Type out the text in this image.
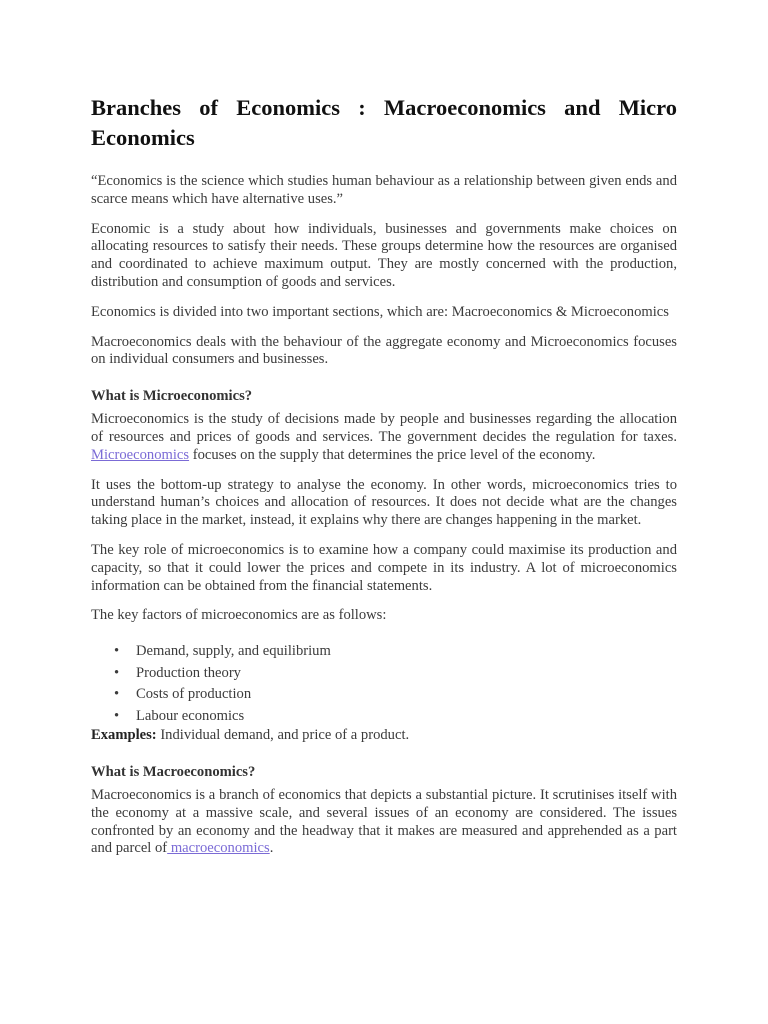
Branches of Economics : Macroeconomics and Micro Economics

“Economics is the science which studies human behaviour as a relationship between given ends and scarce means which have alternative uses.”

Economic is a study about how individuals, businesses and governments make choices on allocating resources to satisfy their needs. These groups determine how the resources are organised and coordinated to achieve maximum output. They are mostly concerned with the production, distribution and consumption of goods and services.

Economics is divided into two important sections, which are: Macroeconomics & Microeconomics

Macroeconomics deals with the behaviour of the aggregate economy and Microeconomics focuses on individual consumers and businesses.

What is Microeconomics?

Microeconomics is the study of decisions made by people and businesses regarding the allocation of resources and prices of goods and services. The government decides the regulation for taxes. Microeconomics focuses on the supply that determines the price level of the economy.

It uses the bottom-up strategy to analyse the economy. In other words, microeconomics tries to understand human’s choices and allocation of resources. It does not decide what are the changes taking place in the market, instead, it explains why there are changes happening in the market.

The key role of microeconomics is to examine how a company could maximise its production and capacity, so that it could lower the prices and compete in its industry. A lot of microeconomics information can be obtained from the financial statements.

The key factors of microeconomics are as follows:

• Demand, supply, and equilibrium
• Production theory
• Costs of production
• Labour economics

Examples: Individual demand, and price of a product.

What is Macroeconomics?

Macroeconomics is a branch of economics that depicts a substantial picture. It scrutinises itself with the economy at a massive scale, and several issues of an economy are considered. The issues confronted by an economy and the headway that it makes are measured and apprehended as a part and parcel of macroeconomics.
